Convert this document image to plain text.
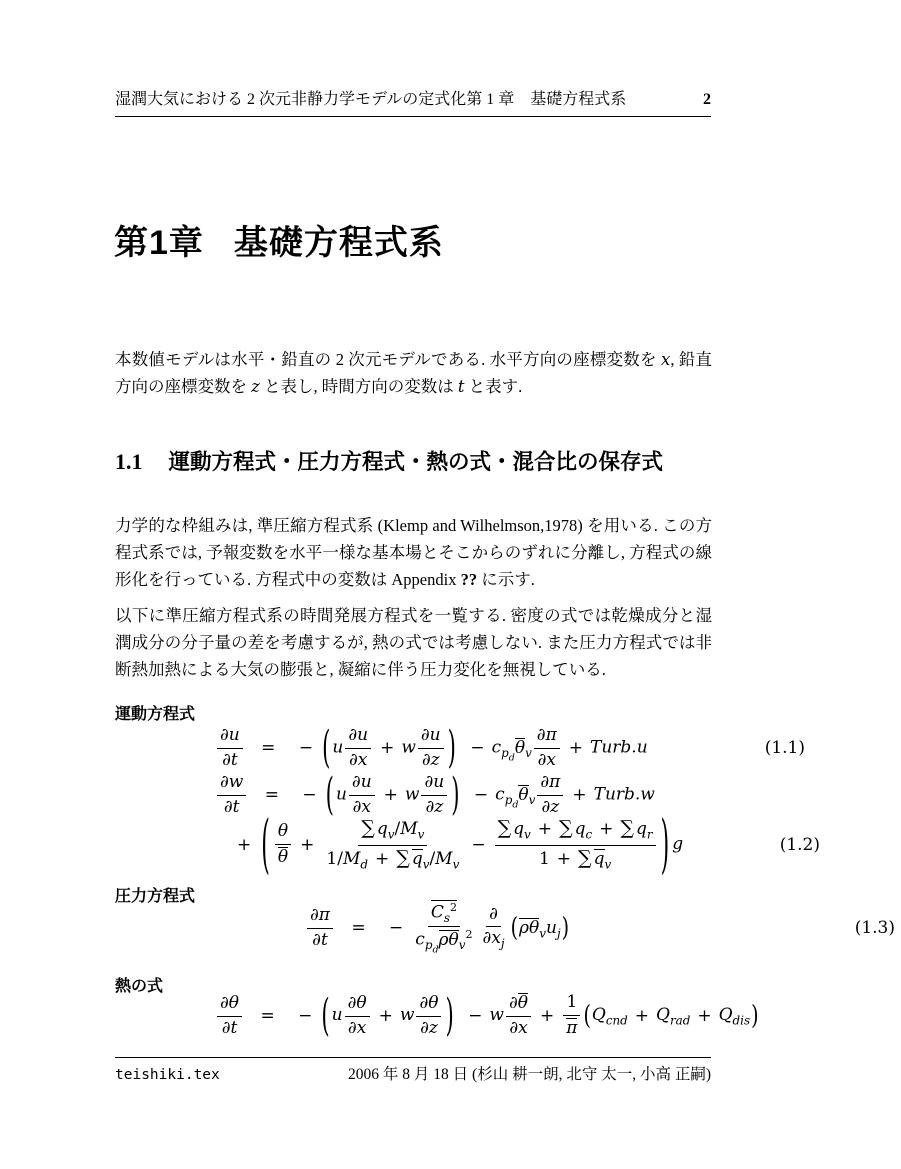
湿潤大気における 2 次元非静力学モデルの定式化 第 1 章 基礎方程式系	2
第1章 基礎方程式系
本数値モデルは水平・鉛直の 2 次元モデルである. 水平方向の座標変数を x, 鉛直方向の座標変数を z と表し, 時間方向の変数は t と表す.
1.1 運動方程式・圧力方程式・熱の式・混合比の保存式
力学的な枠組みは, 準圧縮方程式系 (Klemp and Wilhelmson,1978) を用いる. この方程式系では, 予報変数を水平一様な基本場とそこからのずれに分離し, 方程式の線形化を行っている. 方程式中の変数は Appendix ?? に示す.
以下に準圧縮方程式系の時間発展方程式を一覧する. 密度の式では乾燥成分と湿潤成分の分子量の差を考慮するが, 熱の式では考慮しない. また圧力方程式では非断熱加熱による大気の膨張と, 凝縮に伴う圧力変化を無視している.
運動方程式
$\frac{\partial u}{\partial t}$ = − ( u $\frac{\partial u}{\partial x} + w \frac{\partial u}{\partial z}$ ) − $c_{p_d}\theta_v \frac{\partial\pi}{\partial x}$ + Turb.u	(1.1)
$\frac{\partial w}{\partial t}$ = − ( u $\frac{\partial u}{\partial x} + w \frac{\partial u}{\partial z}$ ) − $c_{p_d}\theta_v \frac{\partial\pi}{\partial z}$ + Turb.w
+ ( $\frac{\theta}{\theta} + \frac{\sum q_v/M_v}{1/M_d + \sum q_v/M_v} - \frac{\sum q_v + \sum q_c + \sum q_r}{1 + \sum q_v}$ ) g	(1.2)
圧力方程式
$\frac{\partial\pi}{\partial t}$ = − $\frac{C_s^2}{c_{p_d}\rho\theta_v^2} \frac{\partial}{\partial x_j} (\rho\theta_vu_j)$	(1.3)
熱の式
$\frac{\partial\theta}{\partial t}$ = − ( u $\frac{\partial\theta}{\partial x} + w \frac{\partial\theta}{\partial z}$ ) − w $\frac{\partial\theta}{\partial x} + \frac{1}{\pi} (Q_{cnd} + Q_{rad} + Q_{dis})$
teishiki.tex	2006 年 8 月 18 日 (杉山 耕一朗, 北守 太一, 小高 正嗣)
